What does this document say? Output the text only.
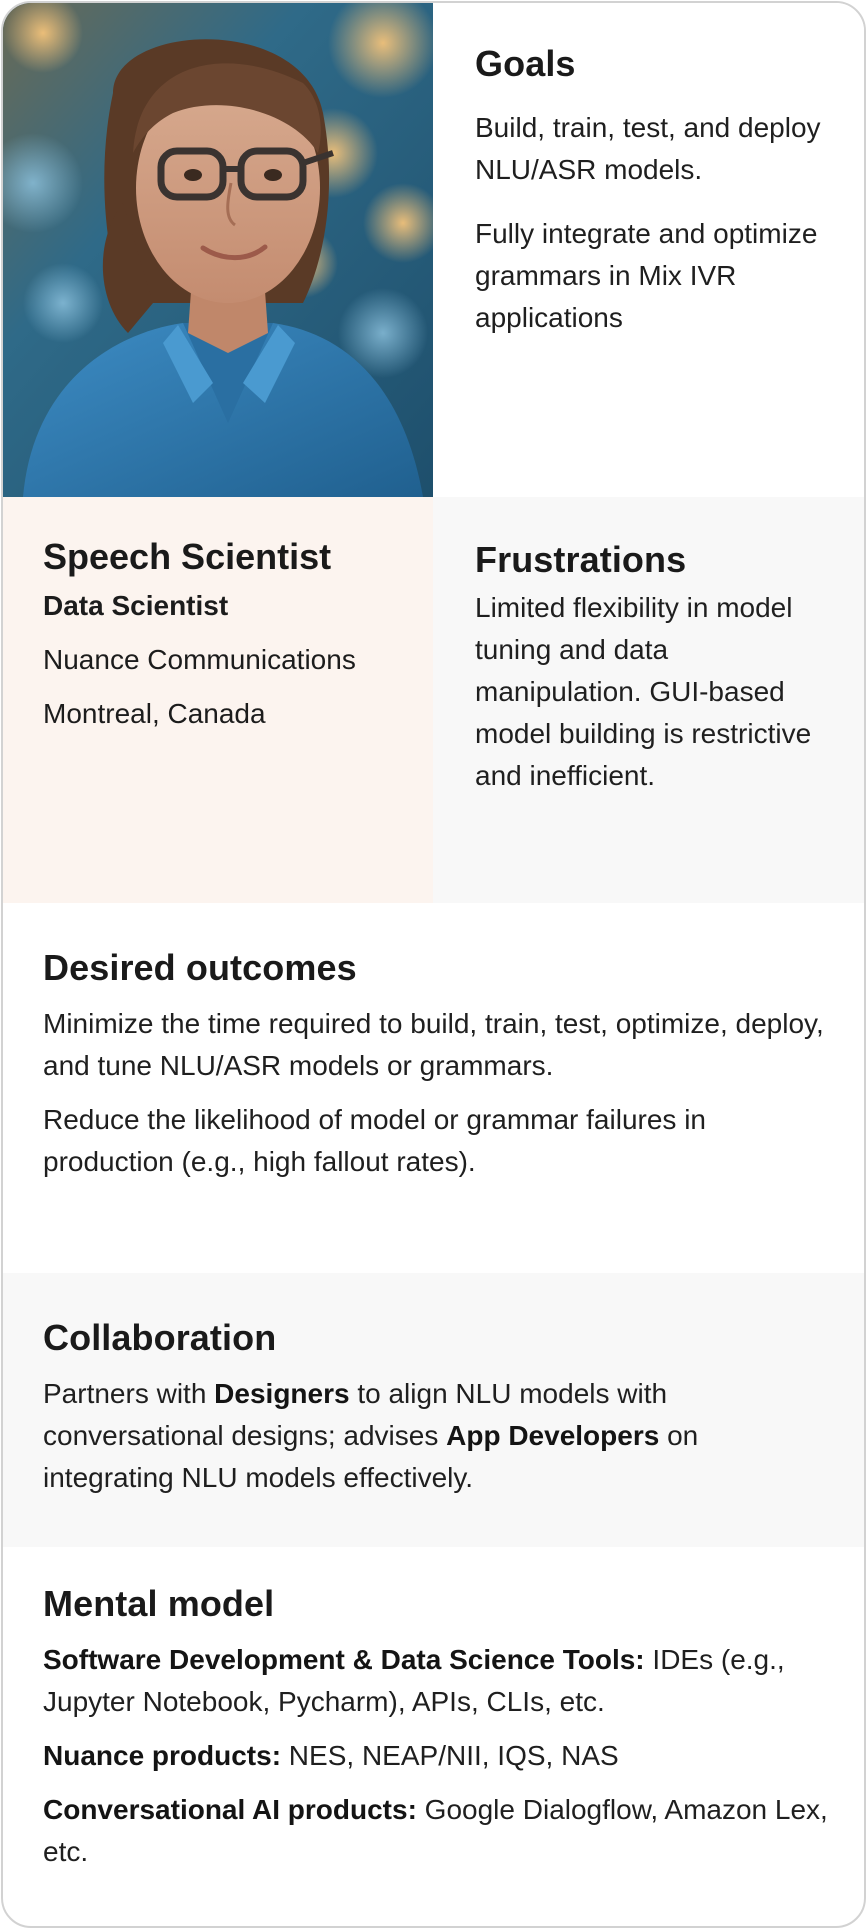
Goals

Build, train, test, and deploy NLU/ASR models.

Fully integrate and optimize grammars in Mix IVR applications

Speech Scientist
Data Scientist
Nuance Communications
Montreal, Canada
Frustrations

Limited flexibility in model tuning and data manipulation. GUI-based model building is restrictive and inefficient.

Desired outcomes

Minimize the time required to build, train, test, optimize, deploy, and tune NLU/ASR models or grammars.

Reduce the likelihood of model or grammar failures in production (e.g., high fallout rates).

Collaboration

Partners with Designers to align NLU models with conversational designs; advises App Developers on integrating NLU models effectively.

Mental model

Software Development & Data Science Tools: IDEs (e.g., Jupyter Notebook, Pycharm), APIs, CLIs, etc.

Nuance products: NES, NEAP/NII, IQS, NAS

Conversational AI products: Google Dialogflow, Amazon Lex, etc.
